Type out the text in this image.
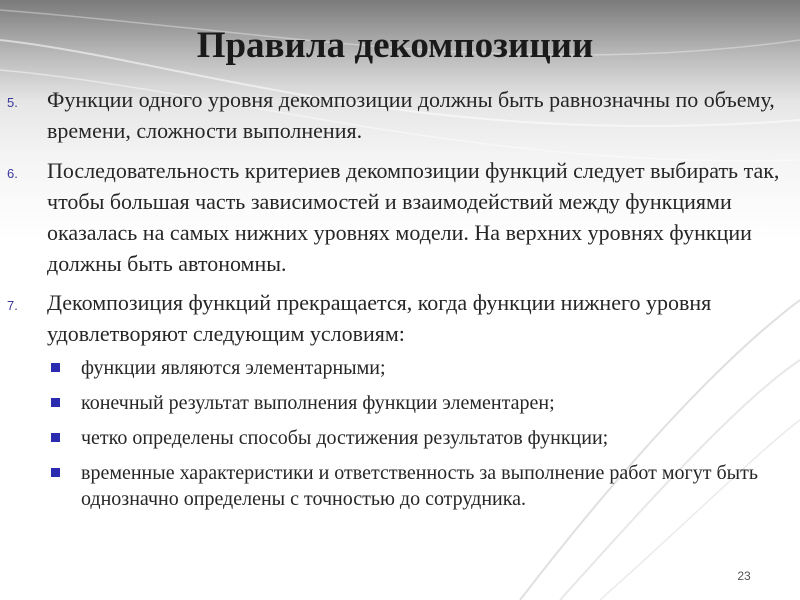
Правила декомпозиции
5. Функции одного уровня декомпозиции должны быть равнозначны по объему, времени, сложности выполнения.
6. Последовательность критериев декомпозиции функций следует выбирать так, чтобы большая часть зависимостей и взаимодействий между функциями оказалась на самых нижних уровнях модели. На верхних уровнях функции должны быть автономны.
7. Декомпозиция функций прекращается, когда функции нижнего уровня удовлетворяют следующим условиям:
функции являются элементарными;
конечный результат выполнения функции элементарен;
четко определены способы достижения результатов функции;
временные характеристики и ответственность за выполнение работ могут быть однозначно определены с точностью до сотрудника.
23
